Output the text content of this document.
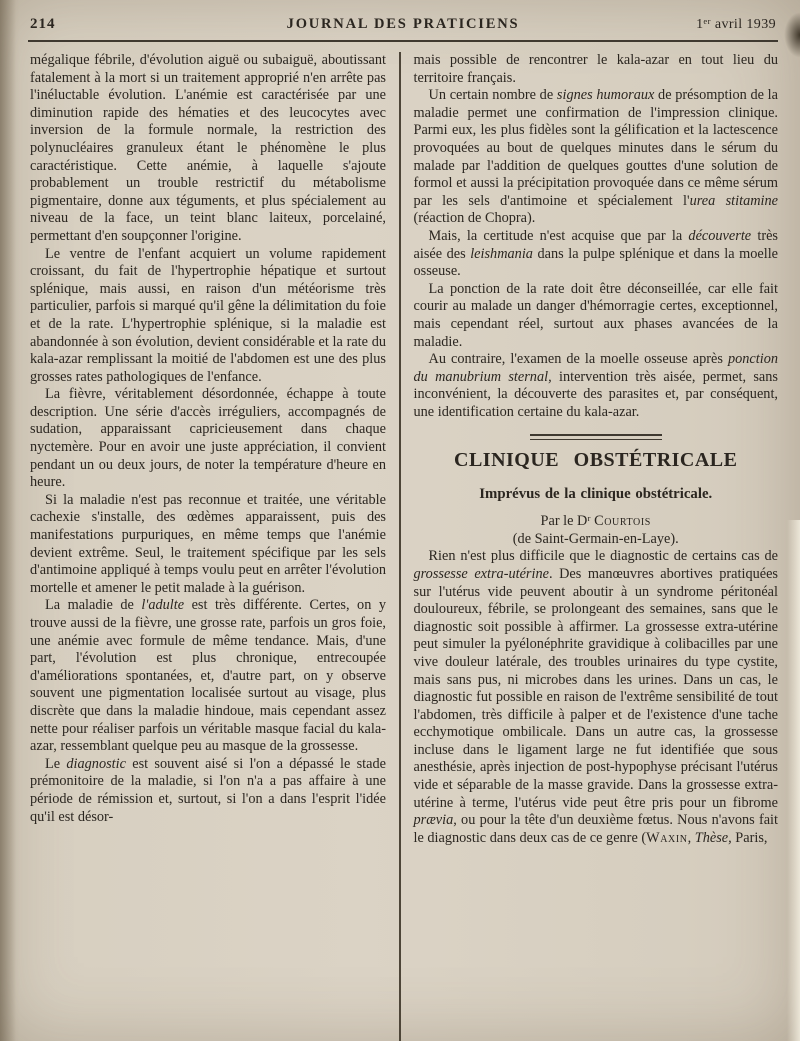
214	JOURNAL DES PRATICIENS	1ᵉʳ avril 1939

mégalique fébrile, d'évolution aiguë ou subaiguë, aboutissant fatalement à la mort si un traitement approprié n'en arrête pas l'inéluctable évolution. L'anémie est caractérisée par une diminution rapide des hématies et des leucocytes avec inversion de la formule normale, la restriction des polynucléaires granuleux étant le phénomène le plus caractéristique. Cette anémie, à laquelle s'ajoute probablement un trouble restrictif du métabolisme pigmentaire, donne aux téguments, et plus spécialement au niveau de la face, un teint blanc laiteux, porcelainé, permettant d'en soupçonner l'origine.

Le ventre de l'enfant acquiert un volume rapidement croissant, du fait de l'hypertrophie hépatique et surtout splénique, mais aussi, en raison d'un météorisme très particulier, parfois si marqué qu'il gêne la délimitation du foie et de la rate. L'hypertrophie splénique, si la maladie est abandonnée à son évolution, devient considérable et la rate du kala-azar remplissant la moitié de l'abdomen est une des plus grosses rates pathologiques de l'enfance.

La fièvre, véritablement désordonnée, échappe à toute description. Une série d'accès irréguliers, accompagnés de sudation, apparaissant capricieusement dans chaque nyctemère. Pour en avoir une juste appréciation, il convient pendant un ou deux jours, de noter la température d'heure en heure.

Si la maladie n'est pas reconnue et traitée, une véritable cachexie s'installe, des œdèmes apparaissent, puis des manifestations purpuriques, en même temps que l'anémie devient extrême. Seul, le traitement spécifique par les sels d'antimoine appliqué à temps voulu peut en arrêter l'évolution mortelle et amener le petit malade à la guérison.

La maladie de l'adulte est très différente. Certes, on y trouve aussi de la fièvre, une grosse rate, parfois un gros foie, une anémie avec formule de même tendance. Mais, d'une part, l'évolution est plus chronique, entrecoupée d'améliorations spontanées, et, d'autre part, on y observe souvent une pigmentation localisée surtout au visage, plus discrète que dans la maladie hindoue, mais cependant assez nette pour réaliser parfois un véritable masque facial du kala-azar, ressemblant quelque peu au masque de la grossesse.

Le diagnostic est souvent aisé si l'on a dépassé le stade prémonitoire de la maladie, si l'on n'a a pas affaire à une période de rémission et, surtout, si l'on a dans l'esprit l'idée qu'il est désor-

mais possible de rencontrer le kala-azar en tout lieu du territoire français.

Un certain nombre de signes humoraux de présomption de la maladie permet une confirmation de l'impression clinique. Parmi eux, les plus fidèles sont la gélification et la lactescence provoquées au bout de quelques minutes dans le sérum du malade par l'addition de quelques gouttes d'une solution de formol et aussi la précipitation provoquée dans ce même sérum par les sels d'antimoine et spécialement l'urea stitamine (réaction de Chopra).

Mais, la certitude n'est acquise que par la découverte très aisée des leishmania dans la pulpe splénique et dans la moelle osseuse.

La ponction de la rate doit être déconseillée, car elle fait courir au malade un danger d'hémorragie certes, exceptionnel, mais cependant réel, surtout aux phases avancées de la maladie.

Au contraire, l'examen de la moelle osseuse après ponction du manubrium sternal, intervention très aisée, permet, sans inconvénient, la découverte des parasites et, par conséquent, une identification certaine du kala-azar.

CLINIQUE OBSTÉTRICALE
Imprévus de la clinique obstétricale.

Par le Dʳ Courtois

(de Saint-Germain-en-Laye).

Rien n'est plus difficile que le diagnostic de certains cas de grossesse extra-utérine. Des manœuvres abortives pratiquées sur l'utérus vide peuvent aboutir à un syndrome péritonéal douloureux, fébrile, se prolongeant des semaines, sans que le diagnostic soit possible à affirmer. La grossesse extra-utérine peut simuler la pyélonéphrite gravidique à colibacilles par une vive douleur latérale, des troubles urinaires du type cystite, mais sans pus, ni microbes dans les urines. Dans un cas, le diagnostic fut possible en raison de l'extrême sensibilité de tout l'abdomen, très difficile à palper et de l'existence d'une tache ecchymotique ombilicale. Dans un autre cas, la grossesse incluse dans le ligament large ne fut identifiée que sous anesthésie, après injection de post-hypophyse précisant l'utérus vide et séparable de la masse gravide. Dans la grossesse extra-utérine à terme, l'utérus vide peut être pris pour un fibrome prævia, ou pour la tête d'un deuxième fœtus. Nous n'avons fait le diagnostic dans deux cas de ce genre (Waxin, Thèse, Paris,
